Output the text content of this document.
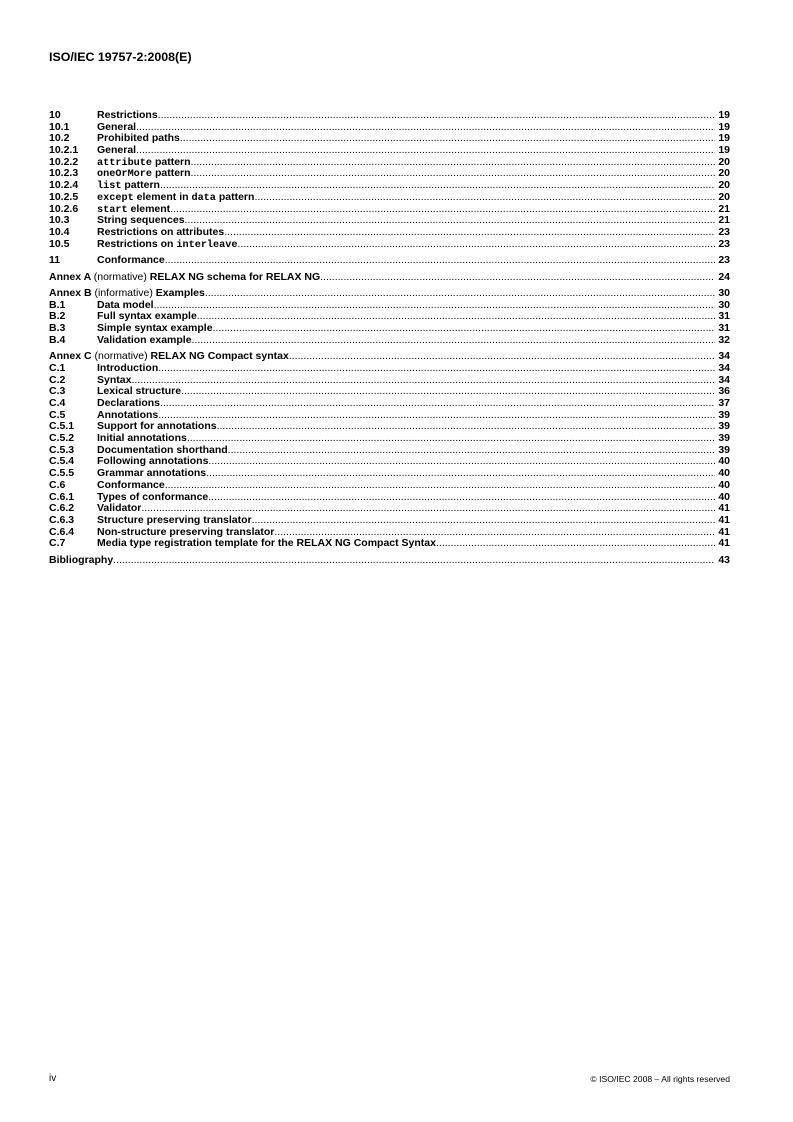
ISO/IEC 19757-2:2008(E)
10	Restrictions .....	19
10.1	General .....	19
10.2	Prohibited paths .....	19
10.2.1	General .....	19
10.2.2	attribute pattern .....	20
10.2.3	oneOrMore pattern .....	20
10.2.4	list pattern .....	20
10.2.5	except element in data pattern .....	20
10.2.6	start element .....	21
10.3	String sequences .....	21
10.4	Restrictions on attributes .....	23
10.5	Restrictions on interleave .....	23
11	Conformance .....	23
Annex A (normative) RELAX NG schema for RELAX NG .....	24
Annex B (informative) Examples .....	30
B.1	Data model .....	30
B.2	Full syntax example .....	31
B.3	Simple syntax example .....	31
B.4	Validation example .....	32
Annex C (normative) RELAX NG Compact syntax .....	34
C.1	Introduction .....	34
C.2	Syntax .....	34
C.3	Lexical structure .....	36
C.4	Declarations .....	37
C.5	Annotations .....	39
C.5.1	Support for annotations .....	39
C.5.2	Initial annotations .....	39
C.5.3	Documentation shorthand .....	39
C.5.4	Following annotations .....	40
C.5.5	Grammar annotations .....	40
C.6	Conformance .....	40
C.6.1	Types of conformance .....	40
C.6.2	Validator .....	41
C.6.3	Structure preserving translator .....	41
C.6.4	Non-structure preserving translator .....	41
C.7	Media type registration template for the RELAX NG Compact Syntax .....	41
Bibliography .....	43
iv	© ISO/IEC 2008 – All rights reserved
